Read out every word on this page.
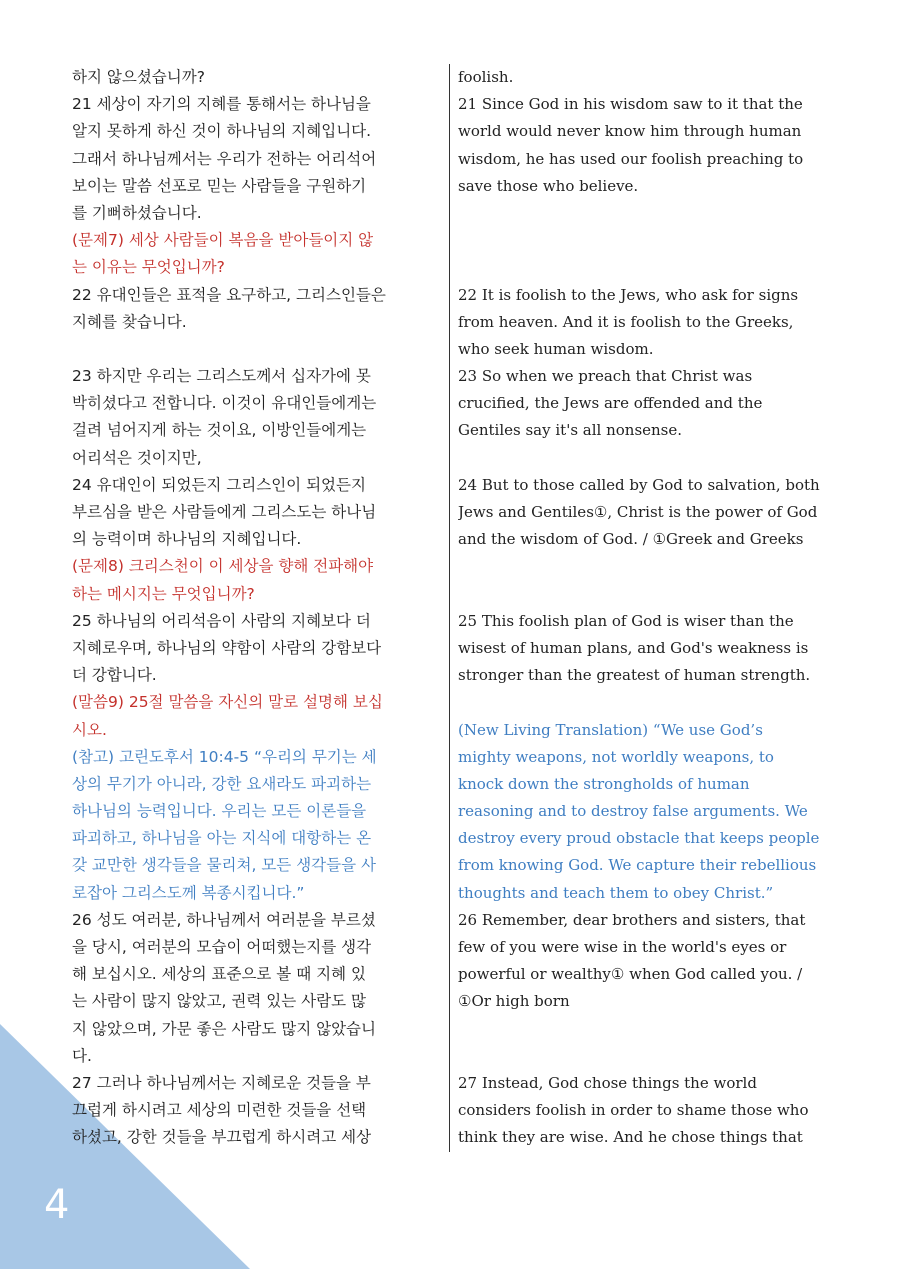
4
하지 않으셨습니까?
21 세상이 자기의 지혜를 통해서는 하나님을
알지 못하게 하신 것이 하나님의 지혜입니다.
그래서 하나님께서는 우리가 전하는 어리석어
보이는 말씀 선포로 믿는 사람들을 구원하기
를 기뻐하셨습니다.
(문제7) 세상 사람들이 복음을 받아들이지 않
는 이유는 무엇입니까?
22 유대인들은 표적을 요구하고, 그리스인들은
지혜를 찾습니다.
23 하지만 우리는 그리스도께서 십자가에 못
박히셨다고 전합니다. 이것이 유대인들에게는
걸려 넘어지게 하는 것이요, 이방인들에게는
어리석은 것이지만,
24 유대인이 되었든지 그리스인이 되었든지
부르심을 받은 사람들에게 그리스도는 하나님
의 능력이며 하나님의 지혜입니다.
(문제8) 크리스천이 이 세상을 향해 전파해야
하는 메시지는 무엇입니까?
25 하나님의 어리석음이 사람의 지혜보다 더
지혜로우며, 하나님의 약함이 사람의 강함보다
더 강합니다.
(말씀9) 25절 말씀을 자신의 말로 설명해 보십
시오.
(참고) 고린도후서 10:4-5 “우리의 무기는 세
상의 무기가 아니라, 강한 요새라도 파괴하는
하나님의 능력입니다. 우리는 모든 이론들을
파괴하고, 하나님을 아는 지식에 대항하는 온
갖 교만한 생각들을 물리쳐, 모든 생각들을 사
로잡아 그리스도께 복종시킵니다.”
26 성도 여러분, 하나님께서 여러분을 부르셨
을 당시, 여러분의 모습이 어떠했는지를 생각
해 보십시오. 세상의 표준으로 볼 때 지혜 있
는 사람이 많지 않았고, 권력 있는 사람도 많
지 않았으며, 가문 좋은 사람도 많지 않았습니
다.
27 그러나 하나님께서는 지혜로운 것들을 부
끄럽게 하시려고 세상의 미련한 것들을 선택
하셨고, 강한 것들을 부끄럽게 하시려고 세상
foolish.
21 Since God in his wisdom saw to it that the
world would never know him through human
wisdom, he has used our foolish preaching to
save those who believe.
22 It is foolish to the Jews, who ask for signs
from heaven. And it is foolish to the Greeks,
who seek human wisdom.
23 So when we preach that Christ was
crucified, the Jews are offended and the
Gentiles say it's all nonsense.
24 But to those called by God to salvation, both
Jews and Gentiles①, Christ is the power of God
and the wisdom of God. / ①Greek and Greeks
25 This foolish plan of God is wiser than the
wisest of human plans, and God's weakness is
stronger than the greatest of human strength.
(New Living Translation) “We use God’s
mighty weapons, not worldly weapons, to
knock down the strongholds of human
reasoning and to destroy false arguments. We
destroy every proud obstacle that keeps people
from knowing God. We capture their rebellious
thoughts and teach them to obey Christ.”
26 Remember, dear brothers and sisters, that
few of you were wise in the world's eyes or
powerful or wealthy① when God called you. /
①Or high born
27 Instead, God chose things the world
considers foolish in order to shame those who
think they are wise. And he chose things that
